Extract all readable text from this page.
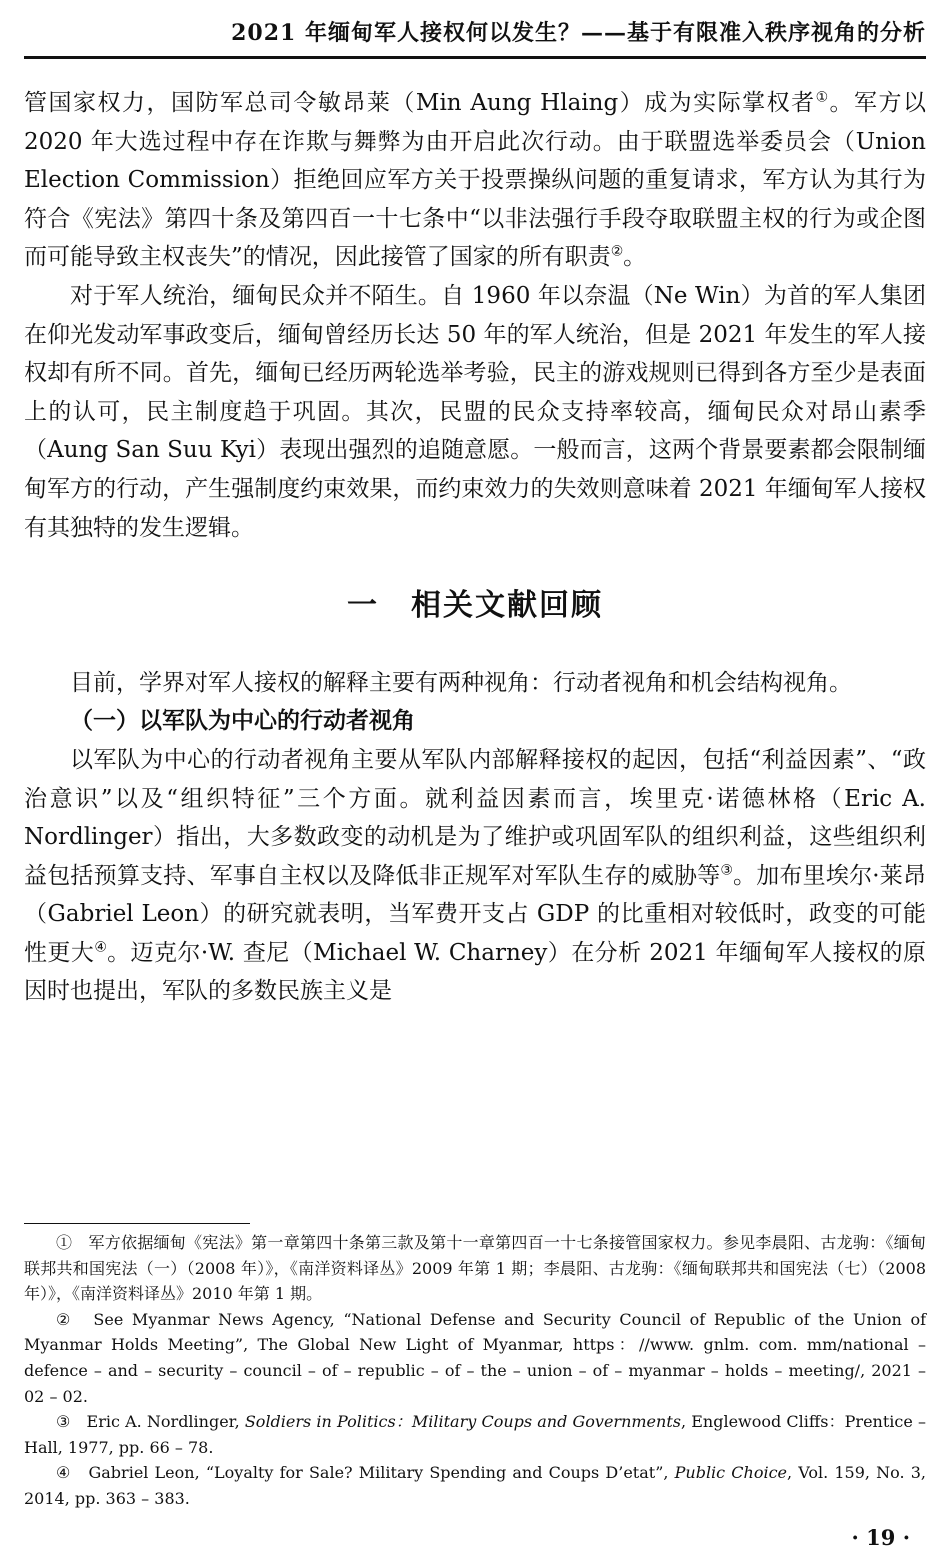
2021 年缅甸军人接权何以发生？——基于有限准入秩序视角的分析

管国家权力，国防军总司令敏昂莱（Min Aung Hlaing）成为实际掌权者①。军方以 2020 年大选过程中存在诈欺与舞弊为由开启此次行动。由于联盟选举委员会（Union Election Commission）拒绝回应军方关于投票操纵问题的重复请求，军方认为其行为符合《宪法》第四十条及第四百一十七条中“以非法强行手段夺取联盟主权的行为或企图而可能导致主权丧失”的情况，因此接管了国家的所有职责②。

对于军人统治，缅甸民众并不陌生。自 1960 年以奈温（Ne Win）为首的军人集团在仰光发动军事政变后，缅甸曾经历长达 50 年的军人统治，但是 2021 年发生的军人接权却有所不同。首先，缅甸已经历两轮选举考验，民主的游戏规则已得到各方至少是表面上的认可，民主制度趋于巩固。其次，民盟的民众支持率较高，缅甸民众对昂山素季（Aung San Suu Kyi）表现出强烈的追随意愿。一般而言，这两个背景要素都会限制缅甸军方的行动，产生强制度约束效果，而约束效力的失效则意味着 2021 年缅甸军人接权有其独特的发生逻辑。

一　相关文献回顾

目前，学界对军人接权的解释主要有两种视角：行动者视角和机会结构视角。

（一）以军队为中心的行动者视角

以军队为中心的行动者视角主要从军队内部解释接权的起因，包括“利益因素”、“政治意识”以及“组织特征”三个方面。就利益因素而言，埃里克·诺德林格（Eric A. Nordlinger）指出，大多数政变的动机是为了维护或巩固军队的组织利益，这些组织利益包括预算支持、军事自主权以及降低非正规军对军队生存的威胁等③。加布里埃尔·莱昂（Gabriel Leon）的研究就表明，当军费开支占 GDP 的比重相对较低时，政变的可能性更大④。迈克尔·W. 查尼（Michael W. Charney）在分析 2021 年缅甸军人接权的原因时也提出，军队的多数民族主义是

①　军方依据缅甸《宪法》第一章第四十条第三款及第十一章第四百一十七条接管国家权力。参见李晨阳、古龙驹：《缅甸联邦共和国宪法（一）（2008 年）》，《南洋资料译丛》2009 年第 1 期；李晨阳、古龙驹：《缅甸联邦共和国宪法（七）（2008 年）》，《南洋资料译丛》2010 年第 1 期。

②　See Myanmar News Agency, “National Defense and Security Council of Republic of the Union of Myanmar Holds Meeting”, The Global New Light of Myanmar, https：//www. gnlm. com. mm/national – defence – and – security – council – of – republic – of – the – union – of – myanmar – holds – meeting/, 2021 – 02 – 02.

③　Eric A. Nordlinger, Soldiers in Politics：Military Coups and Governments, Englewood Cliffs：Prentice – Hall, 1977, pp. 66 – 78.

④　Gabriel Leon, “Loyalty for Sale? Military Spending and Coups D’etat”, Public Choice, Vol. 159, No. 3, 2014, pp. 363 – 383.

· 19 ·
